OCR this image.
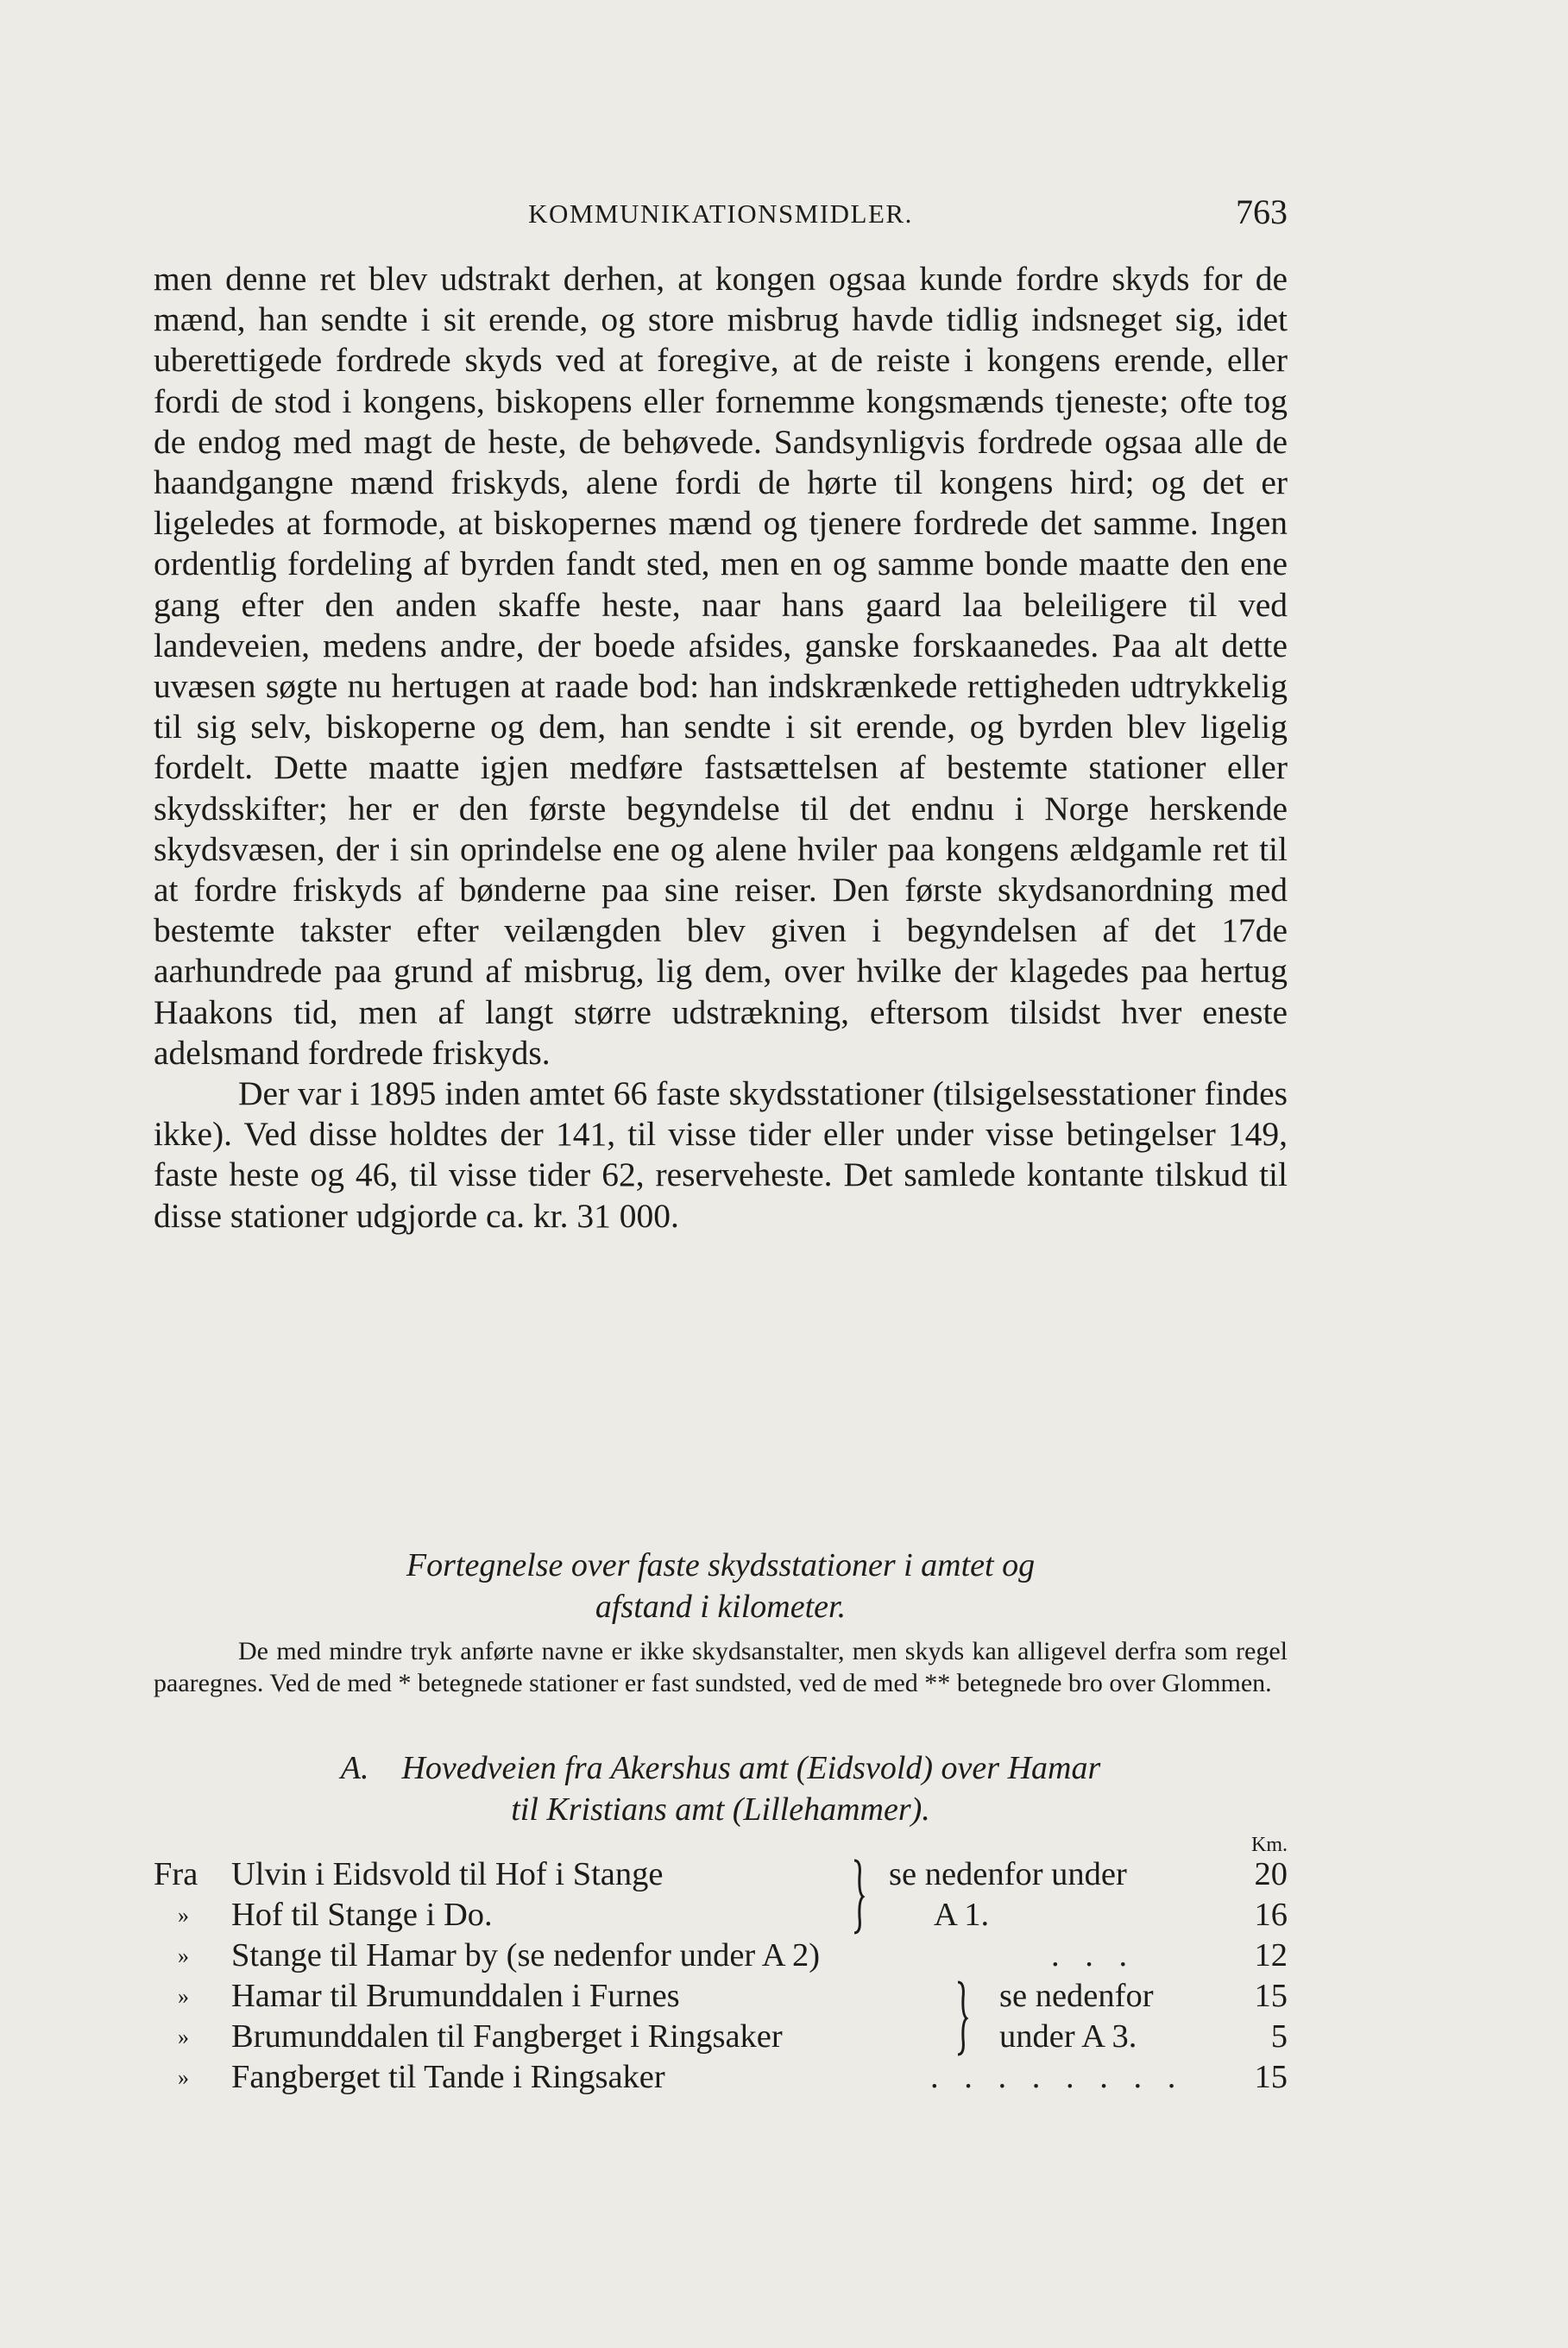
KOMMUNIKATIONSMIDLER.	763

men denne ret blev udstrakt derhen, at kongen ogsaa kunde fordre skyds for de mænd, han sendte i sit erende, og store misbrug havde tidlig indsneget sig, idet uberettigede fordrede skyds ved at foregive, at de reiste i kongens erende, eller fordi de stod i kongens, biskopens eller fornemme kongsmænds tjeneste; ofte tog de endog med magt de heste, de behøvede. Sandsynligvis fordrede ogsaa alle de haandgangne mænd friskyds, alene fordi de hørte til kongens hird; og det er ligeledes at formode, at biskopernes mænd og tjenere fordrede det samme. Ingen ordentlig fordeling af byrden fandt sted, men en og samme bonde maatte den ene gang efter den anden skaffe heste, naar hans gaard laa beleiligere til ved landeveien, medens andre, der boede afsides, ganske forskaanedes. Paa alt dette uvæsen søgte nu hertugen at raade bod: han indskrænkede rettigheden udtrykkelig til sig selv, biskoperne og dem, han sendte i sit erende, og byrden blev ligelig fordelt. Dette maatte igjen medføre fastsættelsen af bestemte stationer eller skydsskifter; her er den første begyndelse til det endnu i Norge herskende skydsvæsen, der i sin oprindelse ene og alene hviler paa kongens ældgamle ret til at fordre friskyds af bønderne paa sine reiser. Den første skydsanordning med bestemte takster efter veilængden blev given i begyndelsen af det 17de aarhundrede paa grund af misbrug, lig dem, over hvilke der klagedes paa hertug Haakons tid, men af langt større udstrækning, eftersom tilsidst hver eneste adelsmand fordrede friskyds.

Der var i 1895 inden amtet 66 faste skydsstationer (tilsigelsesstationer findes ikke). Ved disse holdtes der 141, til visse tider eller under visse betingelser 149, faste heste og 46, til visse tider 62, reserveheste. Det samlede kontante tilskud til disse stationer udgjorde ca. kr. 31 000.

Fortegnelse over faste skydsstationer i amtet og
afstand i kilometer.

De med mindre tryk anførte navne er ikke skydsanstalter, men skyds kan alligevel derfra som regel paaregnes. Ved de med * betegnede stationer er fast sundsted, ved de med ** betegnede bro over Glommen.

A. Hovedveien fra Akershus amt (Eidsvold) over Hamar
til Kristians amt (Lillehammer).
Km.
Fra Ulvin i Eidsvold til Hof i Stange	se nedenfor under	20
» Hof til Stange i Do.	A 1.	16
» Stange til Hamar by (se nedenfor under A 2)	. . .	12
» Hamar til Brumunddalen i Furnes	se nedenfor	15
» Brumunddalen til Fangberget i Ringsaker	under A 3.	5
» Fangberget til Tande i Ringsaker	. . . . . . . . 15
